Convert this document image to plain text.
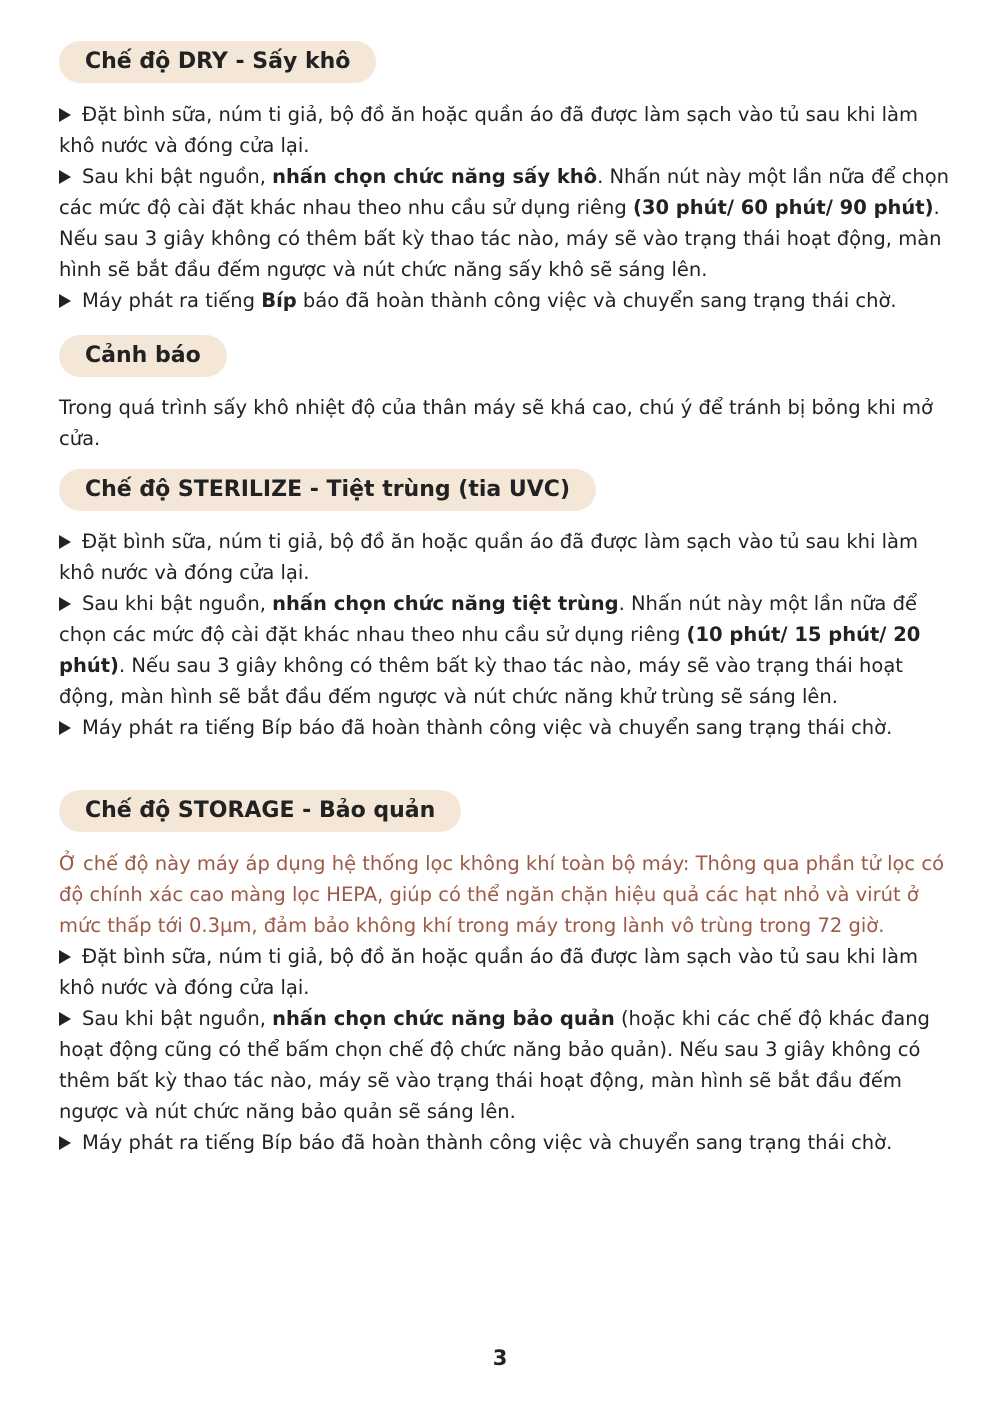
Chế độ DRY - Sấy khô

Đặt bình sữa, núm ti giả, bộ đồ ăn hoặc quần áo đã được làm sạch vào tủ sau khi làm khô nước và đóng cửa lại.

Sau khi bật nguồn, nhấn chọn chức năng sấy khô. Nhấn nút này một lần nữa để chọn các mức độ cài đặt khác nhau theo nhu cầu sử dụng riêng (30 phút/ 60 phút/ 90 phút). Nếu sau 3 giây không có thêm bất kỳ thao tác nào, máy sẽ vào trạng thái hoạt động, màn hình sẽ bắt đầu đếm ngược và nút chức năng sấy khô sẽ sáng lên.

Máy phát ra tiếng Bíp báo đã hoàn thành công việc và chuyển sang trạng thái chờ.

Cảnh báo

Trong quá trình sấy khô nhiệt độ của thân máy sẽ khá cao, chú ý để tránh bị bỏng khi mở cửa.

Chế độ STERILIZE - Tiệt trùng (tia UVC)

Đặt bình sữa, núm ti giả, bộ đồ ăn hoặc quần áo đã được làm sạch vào tủ sau khi làm khô nước và đóng cửa lại.

Sau khi bật nguồn, nhấn chọn chức năng tiệt trùng. Nhấn nút này một lần nữa để chọn các mức độ cài đặt khác nhau theo nhu cầu sử dụng riêng (10 phút/ 15 phút/ 20 phút). Nếu sau 3 giây không có thêm bất kỳ thao tác nào, máy sẽ vào trạng thái hoạt động, màn hình sẽ bắt đầu đếm ngược và nút chức năng khử trùng sẽ sáng lên.

Máy phát ra tiếng Bíp báo đã hoàn thành công việc và chuyển sang trạng thái chờ.

Chế độ STORAGE - Bảo quản

Ở chế độ này máy áp dụng hệ thống lọc không khí toàn bộ máy: Thông qua phần tử lọc có độ chính xác cao màng lọc HEPA, giúp có thể ngăn chặn hiệu quả các hạt nhỏ và virút ở mức thấp tới 0.3µm, đảm bảo không khí trong máy trong lành vô trùng trong 72 giờ.

Đặt bình sữa, núm ti giả, bộ đồ ăn hoặc quần áo đã được làm sạch vào tủ sau khi làm khô nước và đóng cửa lại.

Sau khi bật nguồn, nhấn chọn chức năng bảo quản (hoặc khi các chế độ khác đang hoạt động cũng có thể bấm chọn chế độ chức năng bảo quản). Nếu sau 3 giây không có thêm bất kỳ thao tác nào, máy sẽ vào trạng thái hoạt động, màn hình sẽ bắt đầu đếm ngược và nút chức năng bảo quản sẽ sáng lên.

Máy phát ra tiếng Bíp báo đã hoàn thành công việc và chuyển sang trạng thái chờ.

3
